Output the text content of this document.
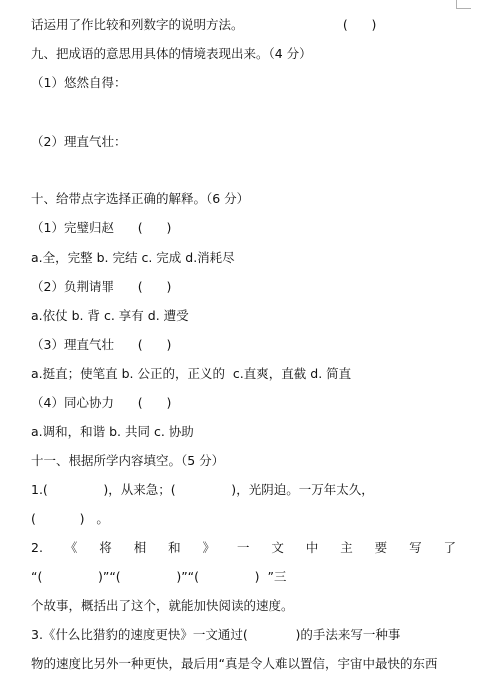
话运用了作比较和列数字的说明方法。                         (      )
九、把成语的意思用具体的情境表现出来。（4 分）
（1）悠然自得：
（2）理直气壮：
十、给带点字选择正确的解释。（6 分）
（1）完璧归赵      (      )
a.全，完整 b. 完结 c. 完成 d.消耗尽
（2）负荆请罪      (      )
a.依仗 b. 背 c. 享有 d. 遭受
（3）理直气壮      (      )
a.挺直；使笔直 b. 公正的，正义的  c.直爽，直截 d. 简直
（4）同心协力      (      )
a.调和，和谐 b. 共同 c. 协助
十一、根据所学内容填空。（5 分）
1.(              )，从来急；(              )，光阴迫。一万年太久，
(           )   。
2. 《 将 相 和 》 一 文 中 主 要 写 了
“(              )”“(              )”“(              )  ”三
个故事，概括出了这个，就能加快阅读的速度。
3.《什么比猎豹的速度更快》一文通过(            )的手法来写一种事
物的速度比另外一种更快，最后用“真是令人难以置信，宇宙中最快的东西
